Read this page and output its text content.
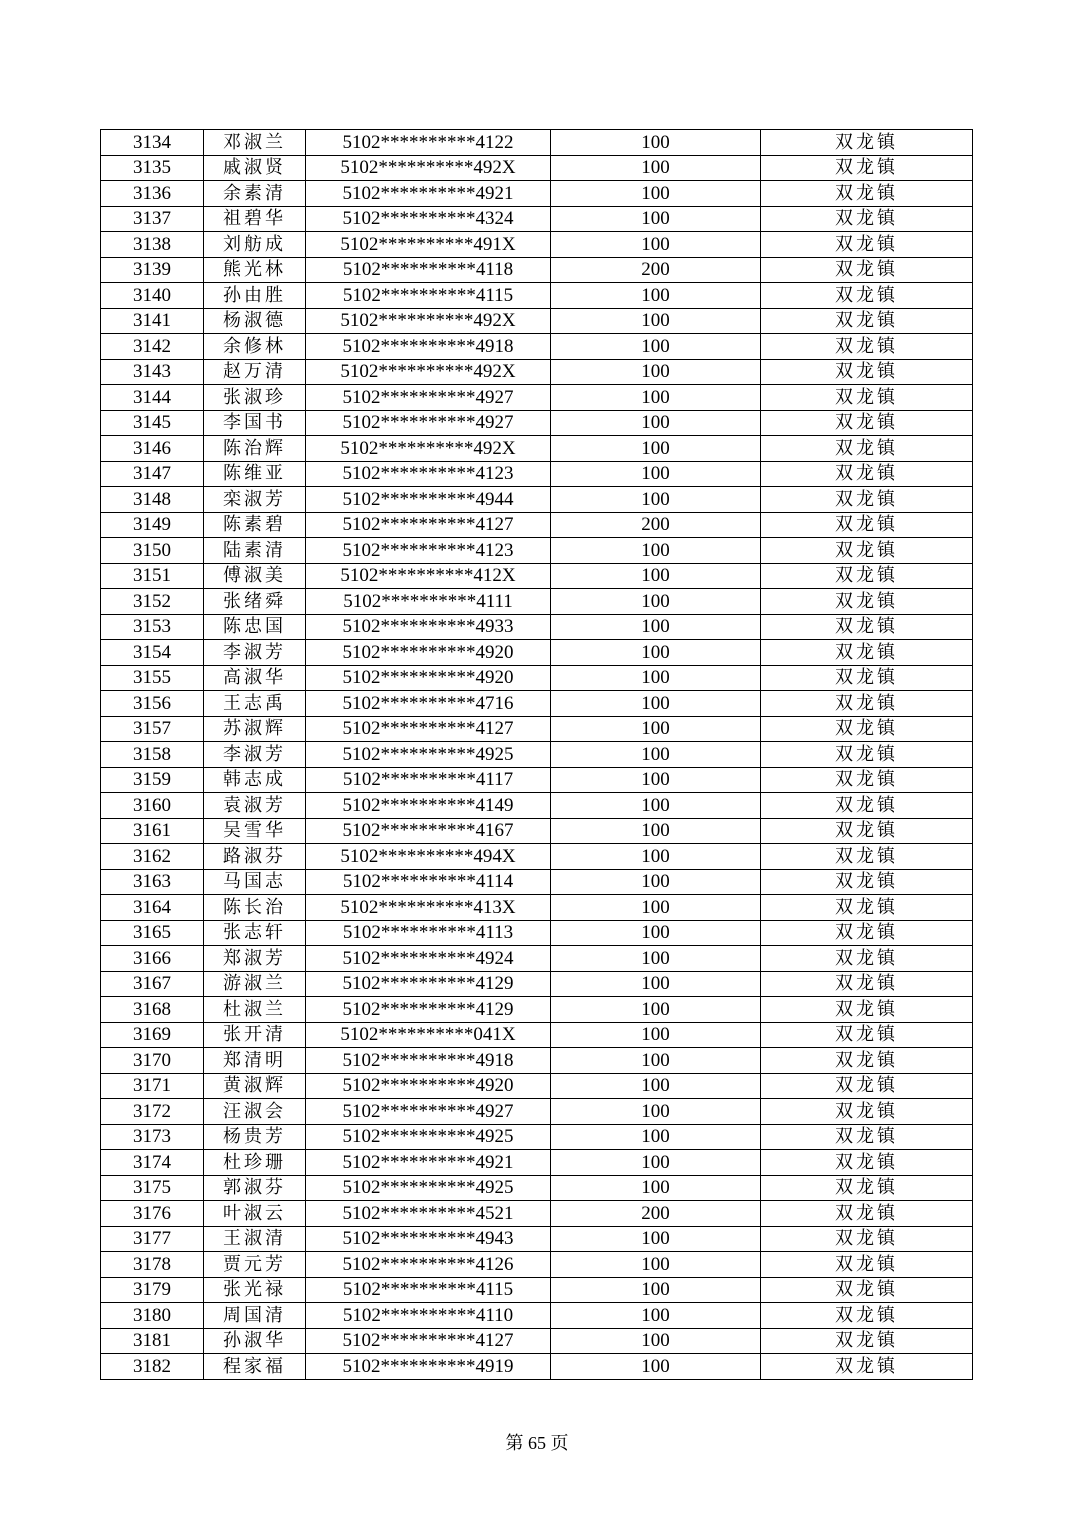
3134	邓淑兰	5102**********4122	100	双龙镇
3135	戚淑贤	5102**********492X	100	双龙镇
3136	余素清	5102**********4921	100	双龙镇
3137	祖碧华	5102**********4324	100	双龙镇
3138	刘舫成	5102**********491X	100	双龙镇
3139	熊光林	5102**********4118	200	双龙镇
3140	孙由胜	5102**********4115	100	双龙镇
3141	杨淑德	5102**********492X	100	双龙镇
3142	余修林	5102**********4918	100	双龙镇
3143	赵万清	5102**********492X	100	双龙镇
3144	张淑珍	5102**********4927	100	双龙镇
3145	李国书	5102**********4927	100	双龙镇
3146	陈治辉	5102**********492X	100	双龙镇
3147	陈维亚	5102**********4123	100	双龙镇
3148	栾淑芳	5102**********4944	100	双龙镇
3149	陈素碧	5102**********4127	200	双龙镇
3150	陆素清	5102**********4123	100	双龙镇
3151	傅淑美	5102**********412X	100	双龙镇
3152	张绪舜	5102**********4111	100	双龙镇
3153	陈忠国	5102**********4933	100	双龙镇
3154	李淑芳	5102**********4920	100	双龙镇
3155	高淑华	5102**********4920	100	双龙镇
3156	王志禹	5102**********4716	100	双龙镇
3157	苏淑辉	5102**********4127	100	双龙镇
3158	李淑芳	5102**********4925	100	双龙镇
3159	韩志成	5102**********4117	100	双龙镇
3160	袁淑芳	5102**********4149	100	双龙镇
3161	吴雪华	5102**********4167	100	双龙镇
3162	路淑芬	5102**********494X	100	双龙镇
3163	马国志	5102**********4114	100	双龙镇
3164	陈长治	5102**********413X	100	双龙镇
3165	张志轩	5102**********4113	100	双龙镇
3166	郑淑芳	5102**********4924	100	双龙镇
3167	游淑兰	5102**********4129	100	双龙镇
3168	杜淑兰	5102**********4129	100	双龙镇
3169	张开清	5102**********041X	100	双龙镇
3170	郑清明	5102**********4918	100	双龙镇
3171	黄淑辉	5102**********4920	100	双龙镇
3172	汪淑会	5102**********4927	100	双龙镇
3173	杨贵芳	5102**********4925	100	双龙镇
3174	杜珍珊	5102**********4921	100	双龙镇
3175	郭淑芬	5102**********4925	100	双龙镇
3176	叶淑云	5102**********4521	200	双龙镇
3177	王淑清	5102**********4943	100	双龙镇
3178	贾元芳	5102**********4126	100	双龙镇
3179	张光禄	5102**********4115	100	双龙镇
3180	周国清	5102**********4110	100	双龙镇
3181	孙淑华	5102**********4127	100	双龙镇
3182	程家福	5102**********4919	100	双龙镇
第 65 页
